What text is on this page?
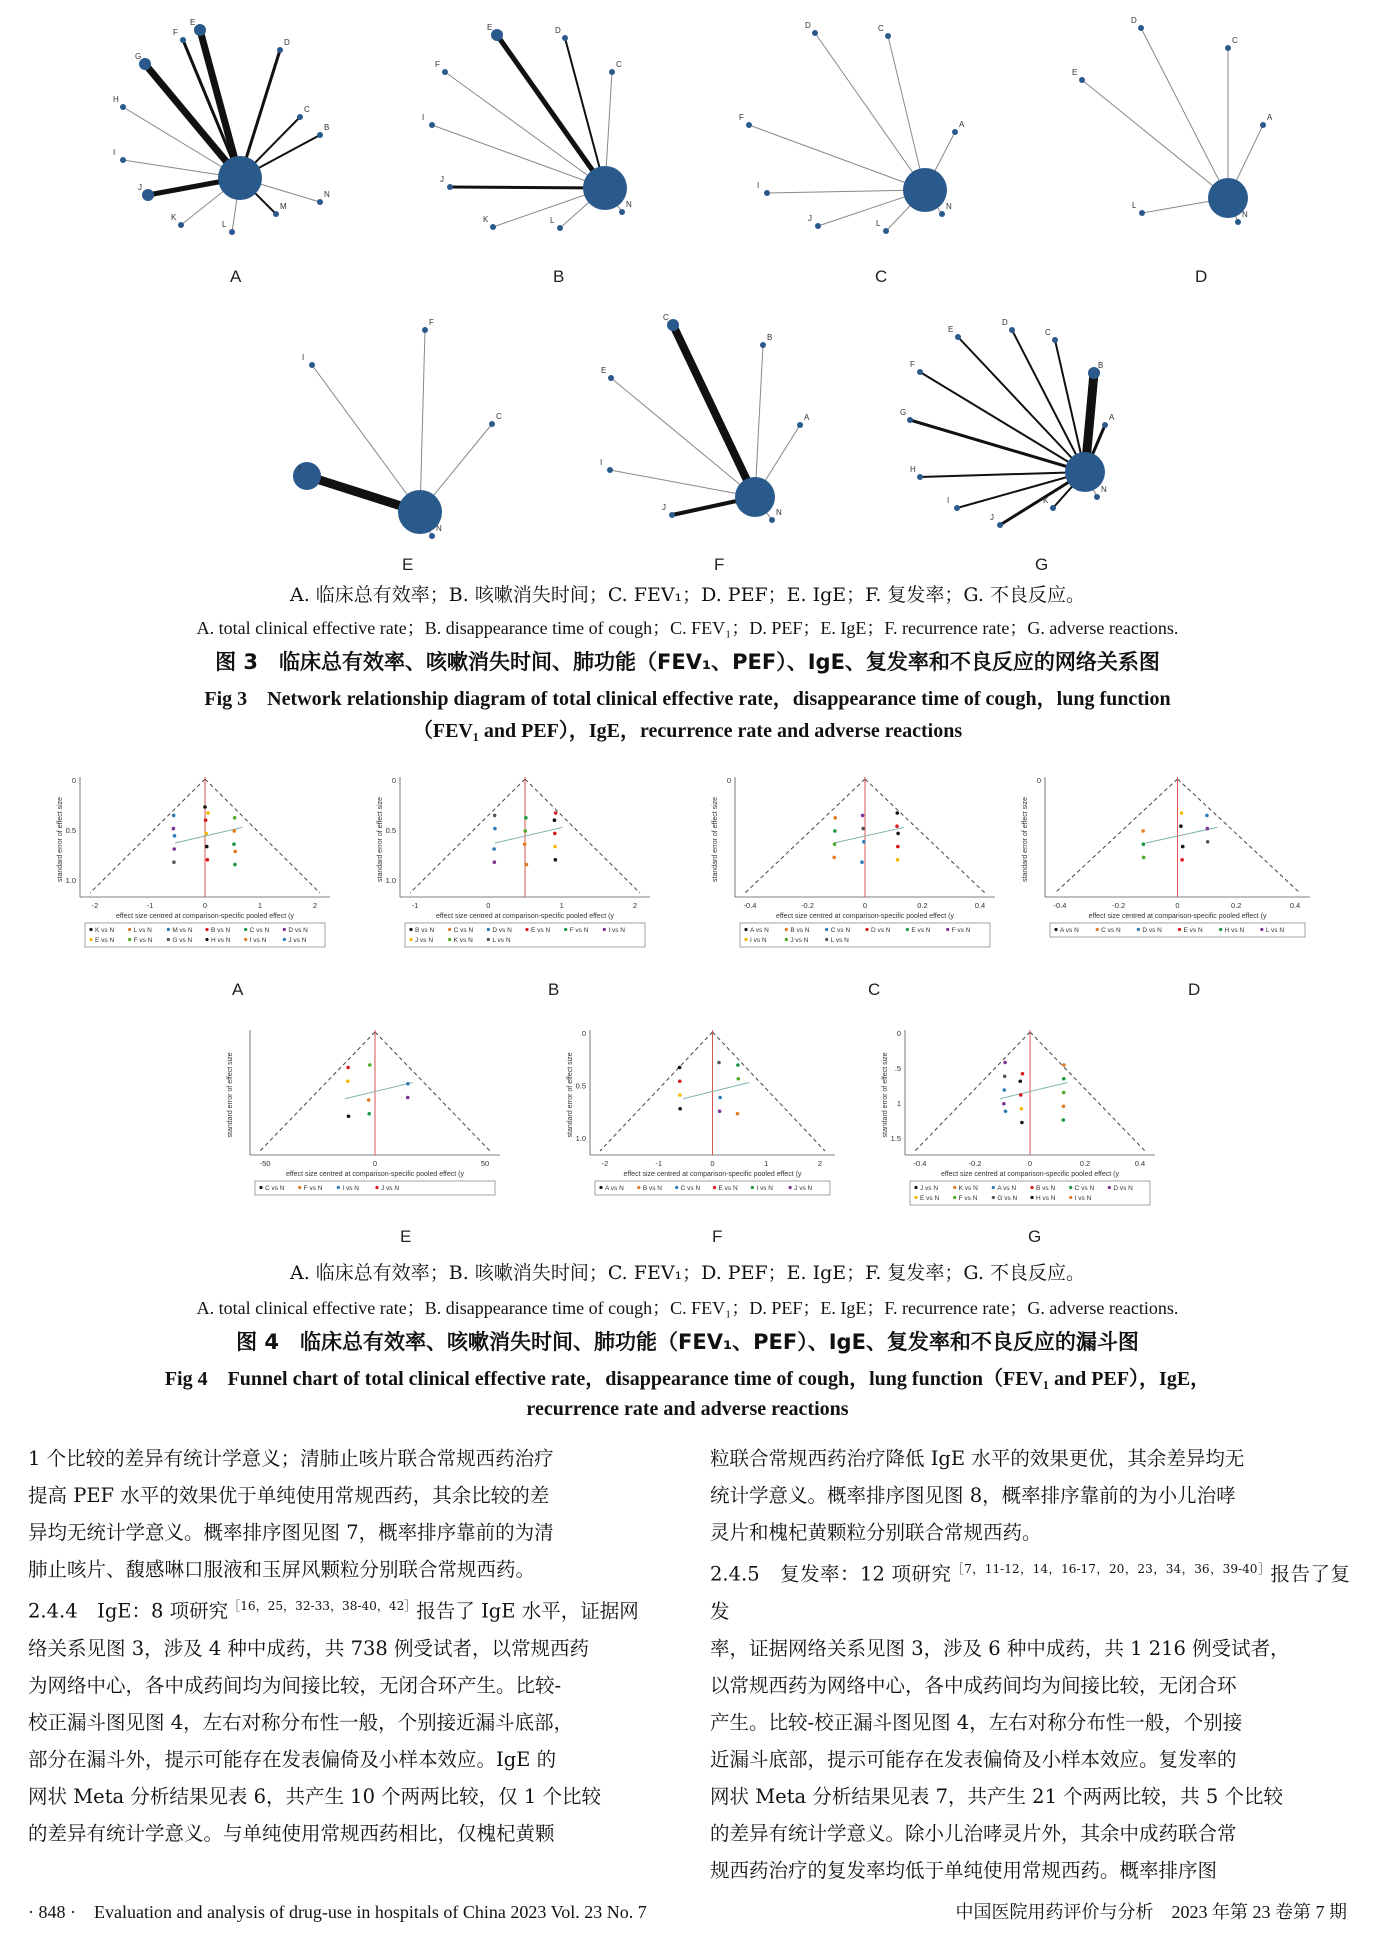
B
C
D
E
F
G
H
I
J
K
L
M
N
A
C
D
E
F
I
J
K	L
N
B
A
C
D
F
I
J
L
N
C
A
C
D
E
L
N
D
C
F
I
J
N
E
A
B
C
E
I
J
N
F
A
B
C
D
E
F
G
H
I
J
K
N
G
A. 临床总有效率；B. 咳嗽消失时间；C. FEV₁；D. PEF；E. IgE；F. 复发率；G. 不良反应。
A. total clinical effective rate；B. disappearance time of cough；C. FEV₁；D. PEF；E. IgE；F. recurrence rate；G. adverse reactions.
图 3　临床总有效率、咳嗽消失时间、肺功能（FEV₁、PEF）、IgE、复发率和不良反应的网络关系图
Fig 3　Network relationship diagram of total clinical effective rate，disappearance time of cough，lung function
（FEV₁ and PEF），IgE，recurrence rate and adverse reactions
-2	-1	0	1	2
0
0.5
1.0
standard error of effect size
effect size centred at comparison-specific pooled effect (y
K vs N	L vs N	M vs N	B vs N	C vs N	D vs N
E vs N	F vs N	G vs N	H vs N	I vs N	J vs N
A
-1	0	1	2
0
0.5
1.0
standard error of effect size
effect size centred at comparison-specific pooled effect (y
B vs N	C vs N	D vs N	E vs N	F vs N	I vs N
J vs N	K vs N	L vs N
B
-0.4	-0.2	0	0.2	0.4
0
standard error of effect size
effect size centred at comparison-specific pooled effect (y
A vs N	B vs N	C vs N	D vs N	E vs N	F vs N
I vs N	J vs N	L vs N
C
-0.4	-0.2	0	0.2	0.4
0
standard error of effect size
effect size centred at comparison-specific pooled effect (y
A vs N	C vs N	D vs N	E vs N	H vs N	L vs N
D
-50	0	50
standard error of effect size
effect size centred at comparison-specific pooled effect (y
C vs N	F vs N	I vs N	J vs N
E
-2	-1	0	1	2
0
0.5
1.0
standard error of effect size
effect size centred at comparison-specific pooled effect (y
A vs N	B vs N	C vs N	E vs N	I vs N	J vs N
F
-0.4	-0.2	0	0.2	0.4
0
.5
1
1.5
standard error of effect size
effect size centred at comparison-specific pooled effect (y
J vs N	K vs N	A vs N	B vs N	C vs N	D vs N
E vs N	F vs N	G vs N	H vs N	I vs N
G
A. 临床总有效率；B. 咳嗽消失时间；C. FEV₁；D. PEF；E. IgE；F. 复发率；G. 不良反应。
A. total clinical effective rate；B. disappearance time of cough；C. FEV₁；D. PEF；E. IgE；F. recurrence rate；G. adverse reactions.
图 4　临床总有效率、咳嗽消失时间、肺功能（FEV₁、PEF）、IgE、复发率和不良反应的漏斗图
Fig 4　Funnel chart of total clinical effective rate，disappearance time of cough，lung function（FEV₁ and PEF），IgE，
recurrence rate and adverse reactions

1 个比较的差异有统计学意义；清肺止咳片联合常规西药治疗

提高 PEF 水平的效果优于单纯使用常规西药，其余比较的差

异均无统计学意义。概率排序图见图 7，概率排序靠前的为清

肺止咳片、馥感啉口服液和玉屏风颗粒分别联合常规西药。

2.4.4　IgE：8 项研究$^{[16,25,32-33,38-40,42]}$报告了 IgE 水平，证据网

络关系见图 3，涉及 4 种中成药，共 738 例受试者，以常规西药

为网络中心，各中成药间均为间接比较，无闭合环产生。比较-

校正漏斗图见图 4，左右对称分布性一般，个别接近漏斗底部，

部分在漏斗外，提示可能存在发表偏倚及小样本效应。IgE 的

网状 Meta 分析结果见表 6，共产生 10 个两两比较，仅 1 个比较

的差异有统计学意义。与单纯使用常规西药相比，仅槐杞黄颗

粒联合常规西药治疗降低 IgE 水平的效果更优，其余差异均无

统计学意义。概率排序图见图 8，概率排序靠前的为小儿治哮

灵片和槐杞黄颗粒分别联合常规西药。

2.4.5　复发率：12 项研究$^{[7,11-12,14,16-17,20,23,34,36,39-40]}$报告了复发

率，证据网络关系见图 3，涉及 6 种中成药，共 1 216 例受试者，

以常规西药为网络中心，各中成药间均为间接比较，无闭合环

产生。比较-校正漏斗图见图 4，左右对称分布性一般，个别接

近漏斗底部，提示可能存在发表偏倚及小样本效应。复发率的

网状 Meta 分析结果见表 7，共产生 21 个两两比较，共 5 个比较

的差异有统计学意义。除小儿治哮灵片外，其余中成药联合常

规西药治疗的复发率均低于单纯使用常规西药。概率排序图

· 848 ·　Evaluation and analysis of drug-use in hospitals of China 2023 Vol. 23 No. 7	中国医院用药评价与分析　2023 年第 23 卷第 7 期
